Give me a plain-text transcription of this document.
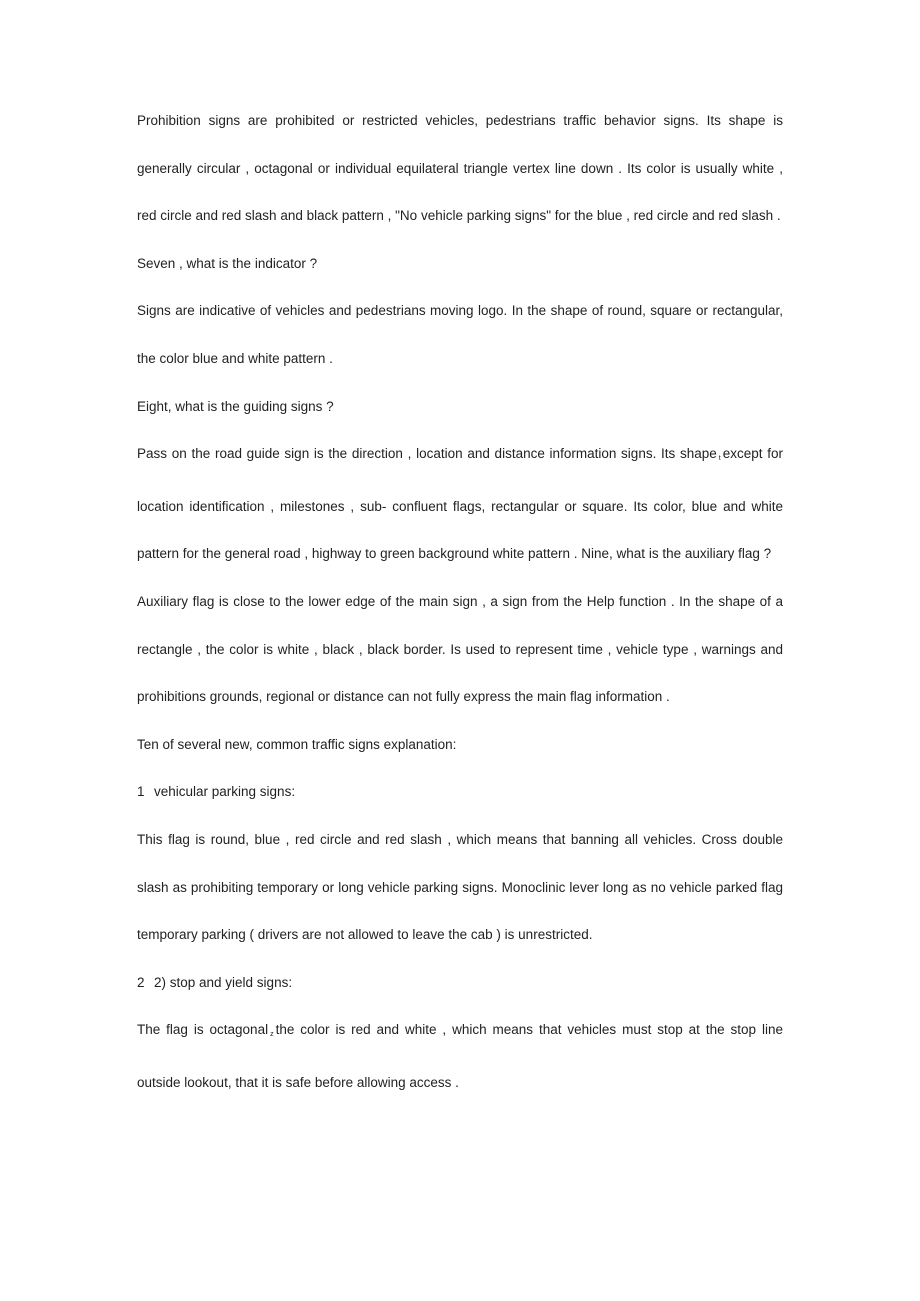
Prohibition signs are prohibited or restricted vehicles, pedestrians traffic behavior signs. Its shape is generally circular , octagonal or individual equilateral triangle vertex line down . Its color is usually white , red circle and red slash and black pattern , "No vehicle parking signs" for the blue , red circle and red slash .

Seven , what is the indicator ?

Signs are indicative of vehicles and pedestrians moving logo. In the shape of round, square or rectangular, the color blue and white pattern .

Eight, what is the guiding signs ?

Pass on the road guide sign is the direction , location and distance information signs. Its shape $_t$ except for location identification , milestones , sub- confluent flags, rectangular or square. Its color, blue and white pattern for the general road , highway to green background white pattern . Nine, what is the auxiliary flag ?

Auxiliary flag is close to the lower edge of the main sign , a sign from the Help function . In the shape of a rectangle , the color is white , black , black border. Is used to represent time , vehicle type , warnings and prohibitions grounds, regional or distance can not fully express the main flag information .

Ten of several new, common traffic signs explanation:

1 vehicular parking signs:

This flag is round, blue , red circle and red slash , which means that banning all vehicles. Cross double slash as prohibiting temporary or long vehicle parking signs. Monoclinic lever long as no vehicle parked flag temporary parking ( drivers are not allowed to leave the cab ) is unrestricted.

2 2) stop and yield signs:

The flag is octagonal $_z$ the color is red and white , which means that vehicles must stop at the stop line outside lookout, that it is safe before allowing access .
